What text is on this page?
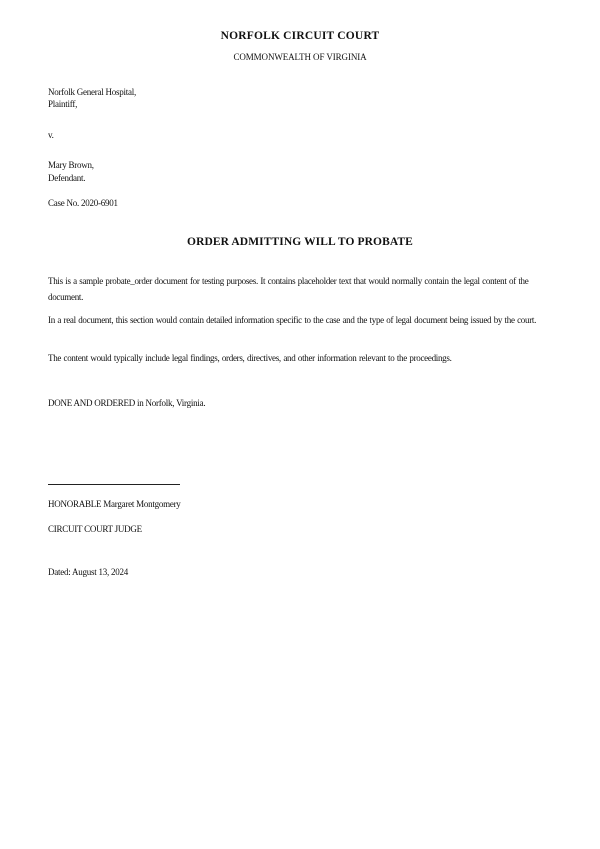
NORFOLK CIRCUIT COURT
COMMONWEALTH OF VIRGINIA
Norfolk General Hospital,
Plaintiff,
v.
Mary Brown,
Defendant.
Case No. 2020-6901
ORDER ADMITTING WILL TO PROBATE
This is a sample probate_order document for testing purposes. It contains placeholder text that would normally contain the legal content of the document.
In a real document, this section would contain detailed information specific to the case and the type of legal document being issued by the court.
The content would typically include legal findings, orders, directives, and other information relevant to the proceedings.
DONE AND ORDERED in Norfolk, Virginia.
HONORABLE Margaret Montgomery
CIRCUIT COURT JUDGE
Dated: August 13, 2024
